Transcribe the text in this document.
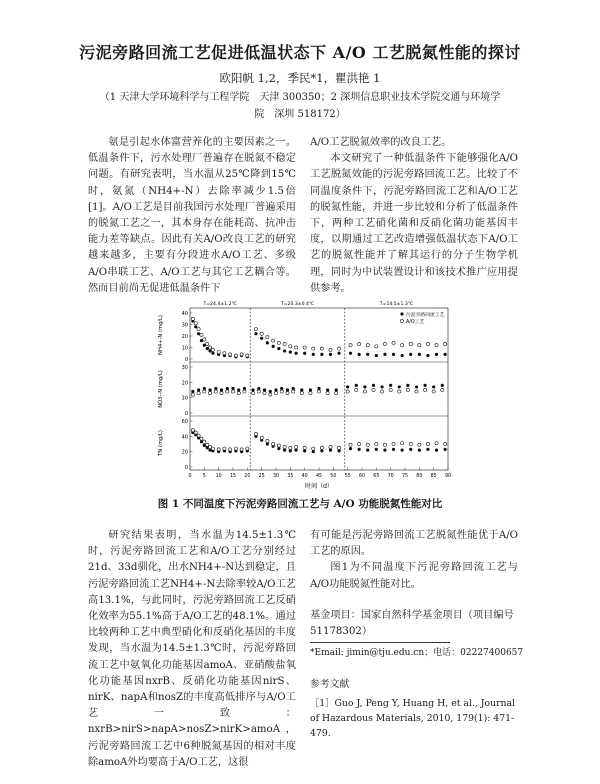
污泥旁路回流工艺促进低温状态下 A/O 工艺脱氮性能的探讨
欧阳帆 1,2，季民*1，瞿洪艳 1
（1 天津大学环境科学与工程学院　天津 300350；2 深圳信息职业技术学院交通与环境学
院　深圳 518172）

氨是引起水体富营养化的主要因素之一。低温条件下，污水处理厂普遍存在脱氮不稳定问题。有研究表明，当水温从25℃降到15℃时，氨氮（NH4+-N）去除率减少1.5倍[1]。A/O工艺是目前我国污水处理厂普遍采用的脱氮工艺之一，其本身存在能耗高、抗冲击能力差等缺点。因此有关A/O改良工艺的研究越来越多，主要有分段进水A/O工艺、多级A/O串联工艺、A/O工艺与其它工艺耦合等。然而目前尚无促进低温条件下

A/O工艺脱氮效率的改良工艺。

本文研究了一种低温条件下能够强化A/O工艺脱氮效能的污泥旁路回流工艺。比较了不同温度条件下，污泥旁路回流工艺和A/O工艺的脱氮性能，并进一步比较和分析了低温条件下，两种工艺硝化菌和反硝化菌功能基因丰度，以期通过工艺改造增强低温状态下A/O工艺的脱氮性能并了解其运行的分子生物学机理，同时为中试装置设计和该技术推广应用提供参考。

0
10
20
30
40
NH4+-N (mg/L)
0
10
20
30
NO3--N (mg/L)
0
20
40
60
TN (mg/L)
T=24.4±1.2℃	T=20.3±0.4℃	T=14.5±1.3℃
0 5 10 15 20 25 30 35 40 45 50 55 60 65 70 75 80 85 90
时间（d）
污泥旁路回流工艺
A/O工艺
图 1 不同温度下污泥旁路回流工艺与 A/O 功能脱氮性能对比

研究结果表明，当水温为14.5±1.3℃时，污泥旁路回流工艺和A/O工艺分别经过21d、33d驯化，出水NH4+-N达到稳定，且污泥旁路回流工艺NH4+-N去除率较A/O工艺高13.1%，与此同时，污泥旁路回流工艺反硝化效率为55.1%高于A/O工艺的48.1%。通过比较两种工艺中典型硝化和反硝化基因的丰度发现，当水温为14.5±1.3℃时，污泥旁路回流工艺中氨氧化功能基因amoA、亚硝酸盐氧化功能基因nxrB、反硝化功能基因nirS、nirK、napA和nosZ的丰度高低排序与A/O工艺一致：nxrB>nirS>napA>nosZ>nirK>amoA，污泥旁路回流工艺中6种脱氮基因的相对丰度除amoA外均要高于A/O工艺，这很

有可能是污泥旁路回流工艺脱氮性能优于A/O工艺的原因。

图1为不同温度下污泥旁路回流工艺与A/O功能脱氮性能对比。

基金项目：国家自然科学基金项目（项目编号51178302）
*Email: jimin@tju.edu.cn；电话：02227400657
参考文献
［1］Guo J, Peng Y, Huang H, et al., Journal of Hazardous Materials, 2010, 179(1): 471-479.
